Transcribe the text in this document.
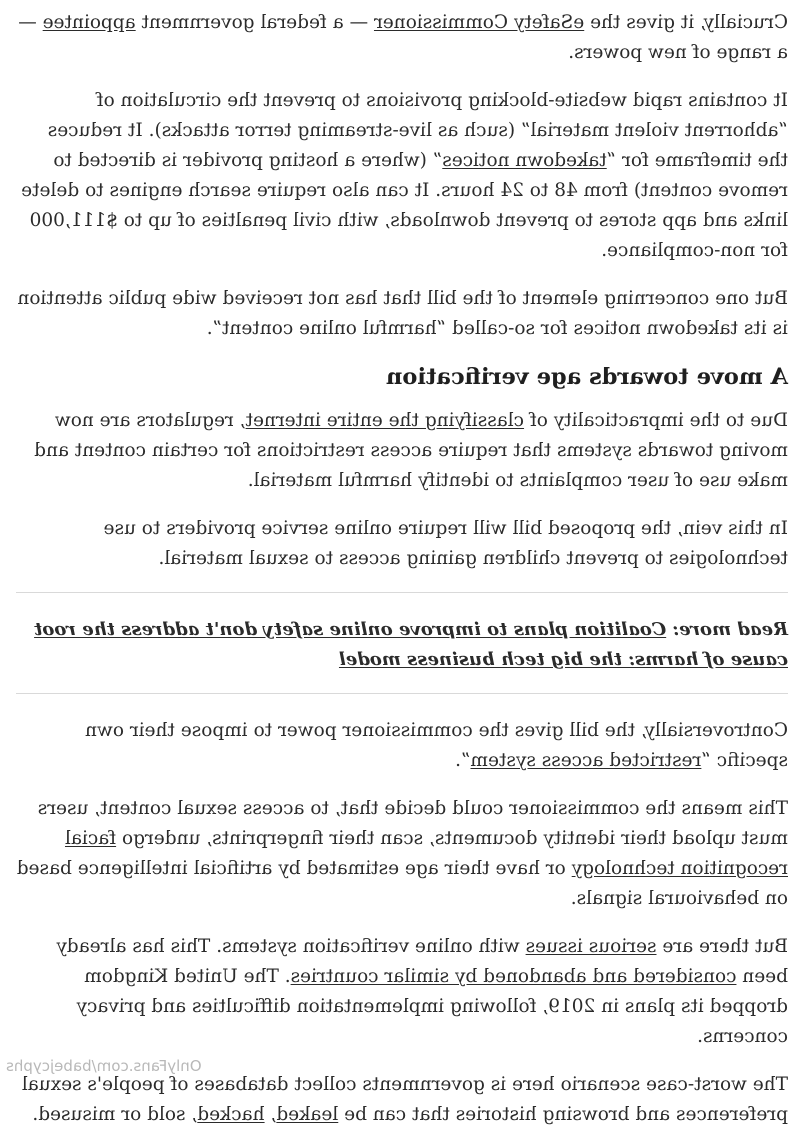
Crucially, it gives the eSafety Commissioner — a federal government appointee — a range of new powers.

It contains rapid website-blocking provisions to prevent the circulation of “abhorrent violent material” (such as live-streaming terror attacks). It reduces the timeframe for “takedown notices” (where a hosting provider is directed to remove content) from 48 to 24 hours. It can also require search engines to delete links and app stores to prevent downloads, with civil penalties of up to $111,000 for non-compliance.

But one concerning element of the bill that has not received wide public attention is its takedown notices for so-called “harmful online content”.

A move towards age verification

Due to the impracticality of classifying the entire internet, regulators are now moving towards systems that require access restrictions for certain content and make use of user complaints to identify harmful material.

In this vein, the proposed bill will require online service providers to use technologies to prevent children gaining access to sexual material.

Read more: Coalition plans to improve online safety don't address the root cause of harms: the big tech business model

Controversially, the bill gives the commissioner power to impose their own specific “restricted access system”.

This means the commissioner could decide that, to access sexual content, users must upload their identity documents, scan their fingerprints, undergo facial recognition technology or have their age estimated by artificial intelligence based on behavioural signals.

But there are serious issues with online verification systems. This has already been considered and abandoned by similar countries. The United Kingdom dropped its plans in 2019, following implementation difficulties and privacy concerns.

The worst-case scenario here is governments collect databases of people's sexual preferences and browsing histories that can be leaked, hacked, sold or misused.

OnlyFans.com/babejcyphs
